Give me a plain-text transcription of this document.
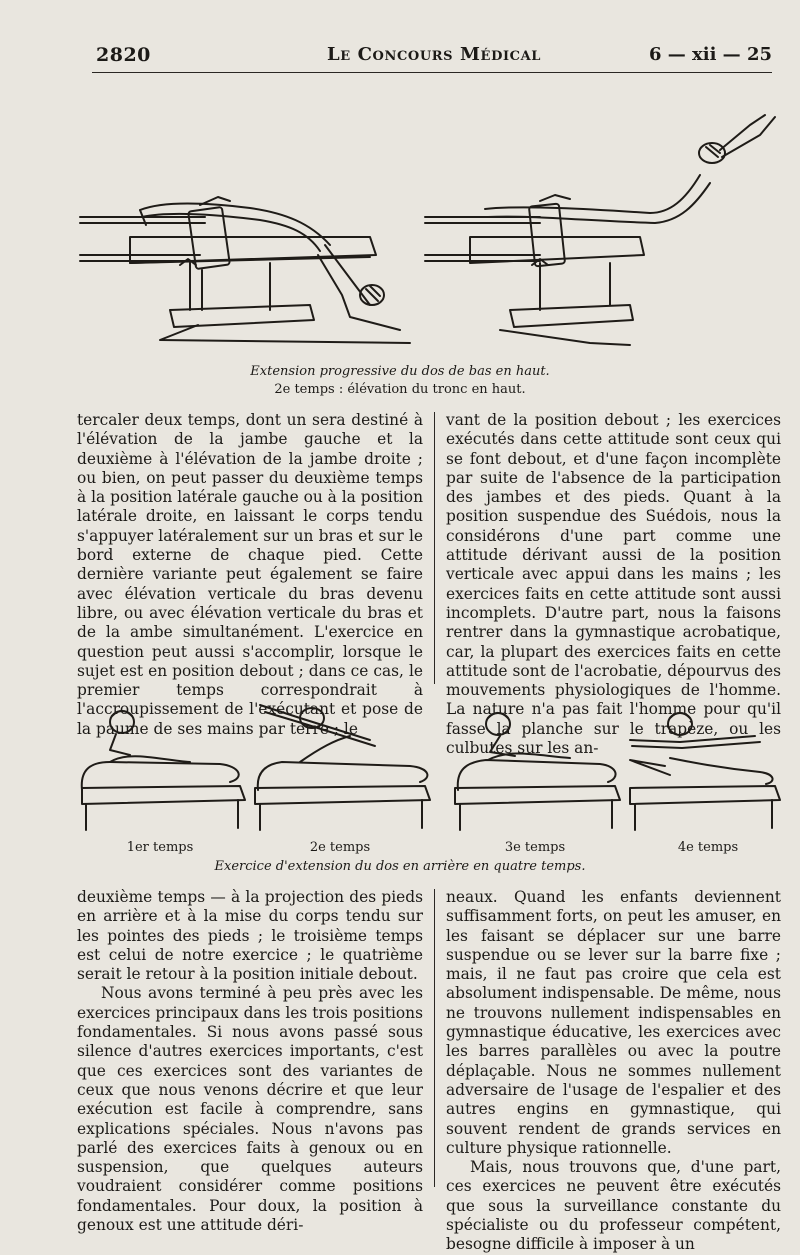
2820	Le Concours Médical	6 — xii — 25
Extension progressive du dos de bas en haut.
2e temps : élévation du tronc en haut.

tercaler deux temps, dont un sera destiné à l'élévation de la jambe gauche et la deuxième à l'élévation de la jambe droite ; ou bien, on peut passer du deuxième temps à la position latérale gauche ou à la position latérale droite, en laissant le corps tendu s'appuyer latéralement sur un bras et sur le bord externe de chaque pied. Cette dernière variante peut également se faire avec élévation verticale du bras devenu libre, ou avec élévation verticale du bras et de la ambe simultanément. L'exercice en question peut aussi s'accomplir, lorsque le sujet est en position debout ; dans ce cas, le premier temps correspondrait à l'accroupissement de l'exécutant et pose de la paume de ses mains par terre ; le

vant de la position debout ; les exercices exécutés dans cette attitude sont ceux qui se font debout, et d'une façon incomplète par suite de l'absence de la participation des jambes et des pieds. Quant à la position suspendue des Suédois, nous la considérons d'une part comme une attitude dérivant aussi de la position verticale avec appui dans les mains ; les exercices faits en cette attitude sont aussi incomplets. D'autre part, nous la faisons rentrer dans la gymnastique acrobatique, car, la plupart des exercices faits en cette attitude sont de l'acrobatie, dépourvus des mouvements physiologiques de l'homme. La nature n'a pas fait l'homme pour qu'il fasse la planche sur le trapèze, ou les culbutes sur les an-

1er temps	2e temps	3e temps	4e temps
Exercice d'extension du dos en arrière en quatre temps.

deuxième temps — à la projection des pieds en arrière et à la mise du corps tendu sur les pointes des pieds ; le troisième temps est celui de notre exercice ; le quatrième serait le retour à la position initiale debout.

Nous avons terminé à peu près avec les exercices principaux dans les trois positions fondamentales. Si nous avons passé sous silence d'autres exercices importants, c'est que ces exercices sont des variantes de ceux que nous venons décrire et que leur exécution est facile à comprendre, sans explications spéciales. Nous n'avons pas parlé des exercices faits à genoux ou en suspension, que quelques auteurs voudraient considérer comme positions fondamentales. Pour doux, la position à genoux est une attitude déri-

neaux. Quand les enfants deviennent suffisamment forts, on peut les amuser, en les faisant se déplacer sur une barre suspendue ou se lever sur la barre fixe ; mais, il ne faut pas croire que cela est absolument indispensable. De même, nous ne trouvons nullement indispensables en gymnastique éducative, les exercices avec les barres parallèles ou avec la poutre déplaçable. Nous ne sommes nullement adversaire de l'usage de l'espalier et des autres engins en gymnastique, qui souvent rendent de grands services en culture physique rationnelle.

Mais, nous trouvons que, d'une part, ces exercices ne peuvent être exécutés que sous la surveillance constante du spécialiste ou du professeur compétent, besogne difficile à imposer à un
